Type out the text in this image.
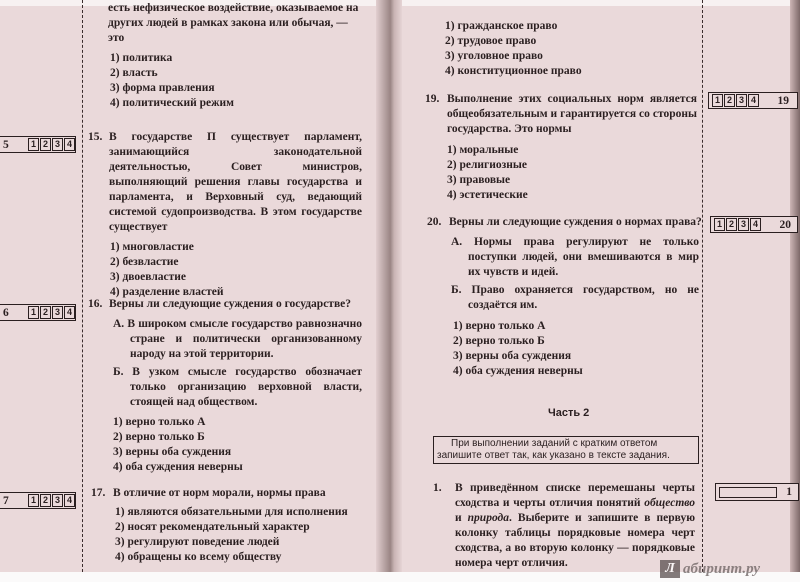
есть нефизическое воздействие, оказываемое на
других людей в рамках закона или обычая, —
это
1) политика
2) власть
3) форма правления
4) политический режим
5	1 2 3 4
15. В государстве П существует парламент, занимающийся законодательной деятельностью, Совет министров, выполняющий решения главы государства и парламента, и Верховный суд, ведающий системой судопроизводства. В этом государстве существует
1) многовластие
2) безвластие
3) двоевластие
4) разделение властей
6	1 2 3 4
16. Верны ли следующие суждения о государстве?
А. В широком смысле государство равнозначно стране и политически организованному народу на этой территории.
Б. В узком смысле государство обозначает только организацию верховной власти, стоящей над обществом.
1) верно только А
2) верно только Б
3) верны оба суждения
4) оба суждения неверны
7	1 2 3 4
17. В отличие от норм морали, нормы права
1) являются обязательными для исполнения
2) носят рекомендательный характер
3) регулируют поведение людей
4) обращены ко всему обществу
1) гражданское право
2) трудовое право
3) уголовное право
4) конституционное право
19. Выполнение этих социальных норм является общеобязательным и гарантируется со стороны государства. Это нормы
1) моральные
2) религиозные
3) правовые
4) эстетические
1 2 3 4 19
20. Верны ли следующие суждения о нормах права?
А. Нормы права регулируют не только поступки людей, они вмешиваются в мир их чувств и идей.
Б. Право охраняется государством, но не создаётся им.
1) верно только А
2) верно только Б
3) верны оба суждения
4) оба суждения неверны
1 2 3 4 20
Часть 2
При выполнении заданий с кратким ответом запишите ответ так, как указано в тексте задания.
1. В приведённом списке перемешаны черты сходства и черты отличия понятий общество и природа. Выберите и запишите в первую колонку таблицы порядковые номера черт сходства, а во вторую колонку — порядковые номера черт отличия.
1
Л абиринт.ру
